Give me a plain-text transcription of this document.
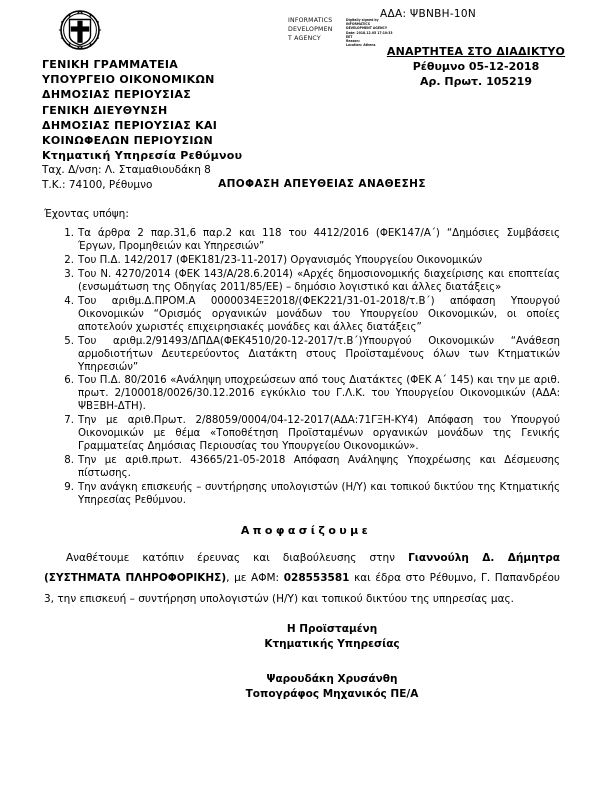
ΑΔΑ: ΨΒΝΒΗ-10Ν
INFORMATICS
DEVELOPMEN
T AGENCY
Digitally signed by
INFORMATICS
DEVELOPMENT AGENCY
Date: 2018.12.05 17:10:33
EET
Reason:
Location: Athens	ΑΝΑΡΤΗΤΕΑ ΣΤΟ ΔΙΑΔΙΚΤΥΟ
Ρέθυμνο 05-12-2018
Αρ. Πρωτ. 105219
ΓΕΝΙΚΗ ΓΡΑΜΜΑΤΕΙΑ
ΥΠΟΥΡΓΕΙΟ ΟΙΚΟΝΟΜΙΚΩΝ
ΔΗΜΟΣΙΑΣ ΠΕΡΙΟΥΣΙΑΣ
ΓΕΝΙΚΗ ΔΙΕΥΘΥΝΣΗ
ΔΗΜΟΣΙΑΣ ΠΕΡΙΟΥΣΙΑΣ ΚΑΙ
ΚΟΙΝΩΦΕΛΩΝ ΠΕΡΙΟΥΣΙΩΝ
Κτηματική Υπηρεσία Ρεθύμνου
Ταχ. Δ/νση: Λ. Σταμαθιουδάκη 8
Τ.Κ.: 74100, Ρέθυμνο	ΑΠΟΦΑΣΗ ΑΠΕΥΘΕΙΑΣ ΑΝΑΘΕΣΗΣ
Έχοντας υπόψη:
1. Τα άρθρα 2 παρ.31,6 παρ.2 και 118 του 4412/2016 (ΦΕΚ147/Α΄) “Δημόσιες Συμβάσεις Έργων, Προμηθειών και Υπηρεσιών”
2. Του Π.Δ. 142/2017 (ΦΕΚ181/23-11-2017) Οργανισμός Υπουργείου Οικονομικών
3. Του Ν. 4270/2014 (ΦΕΚ 143/Α/28.6.2014) «Αρχές δημοσιονομικής διαχείρισης και εποπτείας (ενσωμάτωση της Οδηγίας 2011/85/ΕΕ) – δημόσιο λογιστικό και άλλες διατάξεις»
4. Του αριθμ.Δ.ΠΡΟΜ.Α 0000034ΕΞ2018/(ΦΕΚ221/31-01-2018/τ.Β΄) απόφαση Υπουργού Οικονομικών “Ορισμός οργανικών μονάδων του Υπουργείου Οικονομικών, οι οποίες αποτελούν χωριστές επιχειρησιακές μονάδες και άλλες διατάξεις”
5. Του αριθμ.2/91493/ΔΠΔΑ(ΦΕΚ4510/20-12-2017/τ.Β΄)Υπουργού Οικονομικών “Ανάθεση αρμοδιοτήτων Δευτερεύοντος Διατάκτη στους Προϊσταμένους όλων των Κτηματικών Υπηρεσιών”
6. Του Π.Δ. 80/2016 «Ανάληψη υποχρεώσεων από τους Διατάκτες (ΦΕΚ Α΄ 145) και την με αριθ. πρωτ. 2/100018/0026/30.12.2016 εγκύκλιο του Γ.Λ.Κ. του Υπουργείου Οικονομικών (ΑΔΑ: ΨΒΞΒΗ-ΔΤΗ).
7. Την με αριθ.Πρωτ. 2/88059/0004/04-12-2017(ΑΔΑ:71ΓΞΗ-ΚΥ4) Απόφαση του Υπουργού Οικονομικών με θέμα «Τοποθέτηση Προϊσταμένων οργανικών μονάδων της Γενικής Γραμματείας Δημόσιας Περιουσίας του Υπουργείου Οικονομικών».
8. Την με αριθ.πρωτ. 43665/21-05-2018 Απόφαση Ανάληψης Υποχρέωσης και Δέσμευσης πίστωσης.
9. Την ανάγκη επισκευής – συντήρησης υπολογιστών (Η/Υ) και τοπικού δικτύου της Κτηματικής Υπηρεσίας Ρεθύμνου.
Αποφασίζουμε
Αναθέτουμε κατόπιν έρευνας και διαβούλευσης στην Γιαννούλη Δ. Δήμητρα (ΣΥΣΤΗΜΑΤΑ ΠΛΗΡΟΦΟΡΙΚΗΣ), με ΑΦΜ: 028553581 και έδρα στο Ρέθυμνο, Γ. Παπανδρέου 3, την επισκευή – συντήρηση υπολογιστών (Η/Υ) και τοπικού δικτύου της υπηρεσίας μας.
Η Προϊσταμένη
Κτηματικής Υπηρεσίας
Ψαρουδάκη Χρυσάνθη
Τοπογράφος Μηχανικός ΠΕ/Α
